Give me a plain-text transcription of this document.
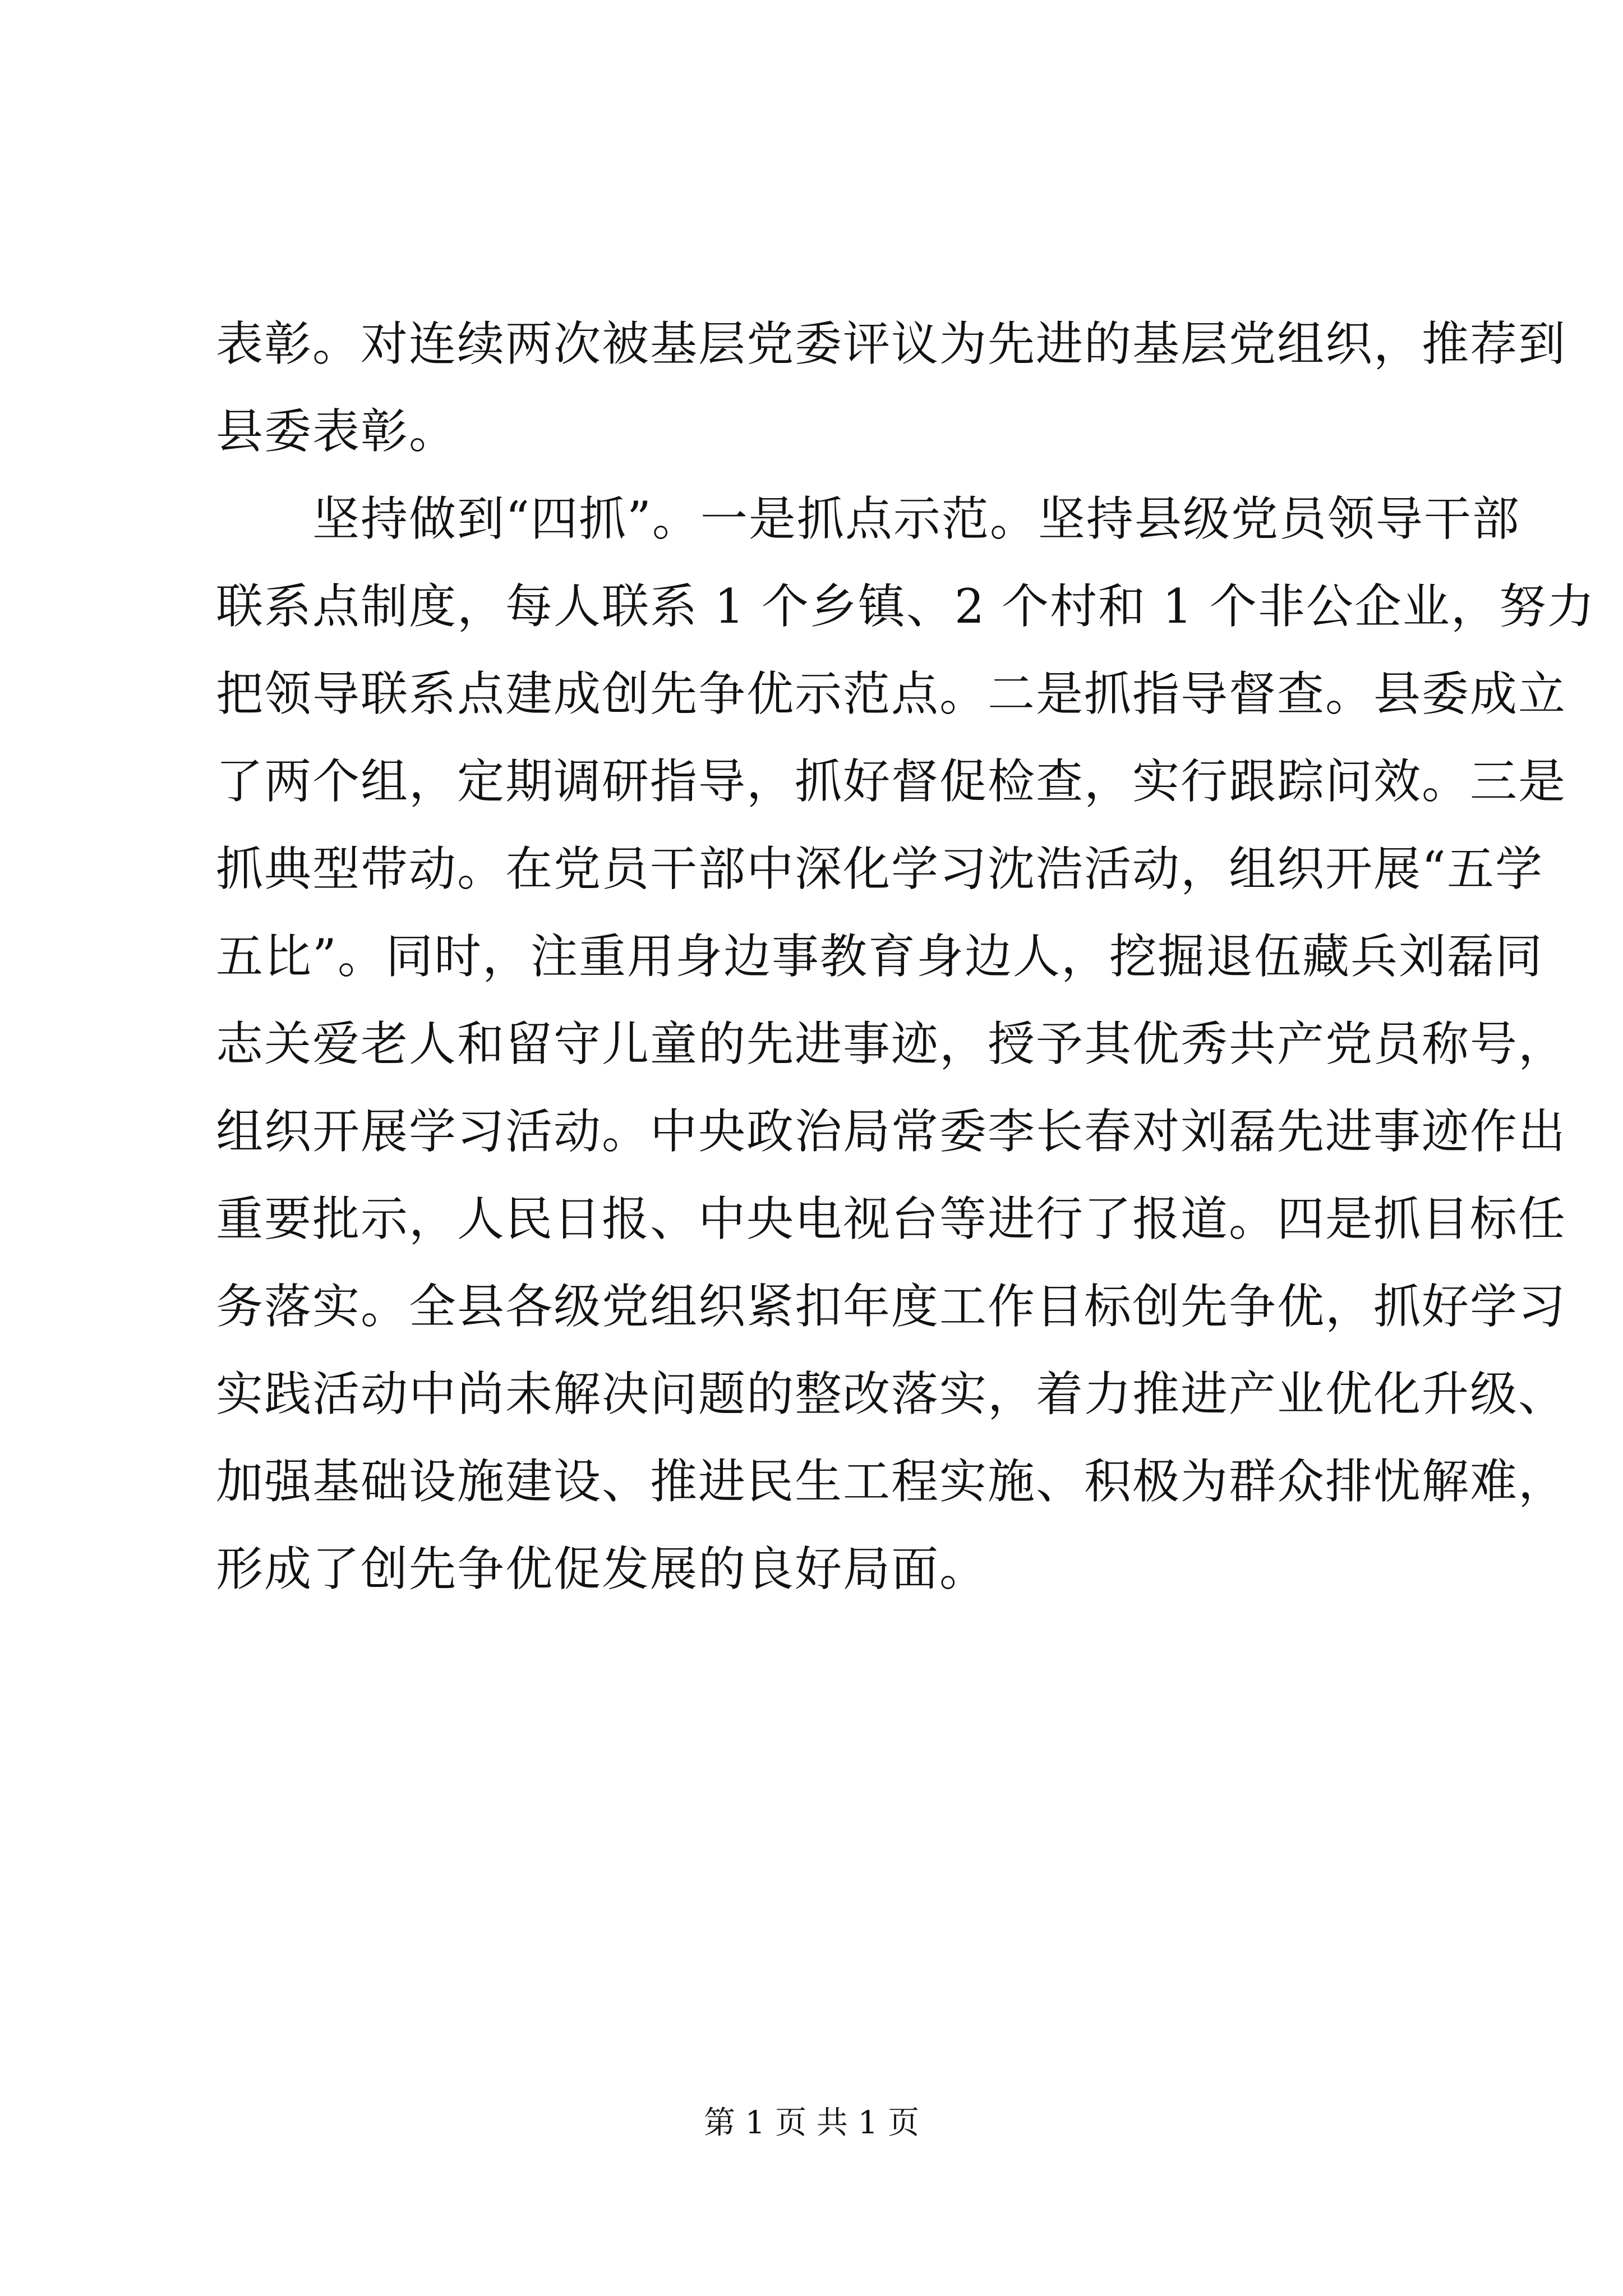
表彰。对连续两次被基层党委评议为先进的基层党组织，推荐到
县委表彰。
　　坚持做到“四抓”。一是抓点示范。坚持县级党员领导干部
联系点制度，每人联系 1 个乡镇、2 个村和 1 个非公企业，努力
把领导联系点建成创先争优示范点。二是抓指导督查。县委成立
了两个组，定期调研指导，抓好督促检查，实行跟踪问效。三是
抓典型带动。在党员干部中深化学习沈浩活动，组织开展“五学
五比”。同时，注重用身边事教育身边人，挖掘退伍藏兵刘磊同
志关爱老人和留守儿童的先进事迹，授予其优秀共产党员称号，
组织开展学习活动。中央政治局常委李长春对刘磊先进事迹作出
重要批示，人民日报、中央电视台等进行了报道。四是抓目标任
务落实。全县各级党组织紧扣年度工作目标创先争优，抓好学习
实践活动中尚未解决问题的整改落实，着力推进产业优化升级、
加强基础设施建设、推进民生工程实施、积极为群众排忧解难，
形成了创先争优促发展的良好局面。
第 1 页 共 1 页
